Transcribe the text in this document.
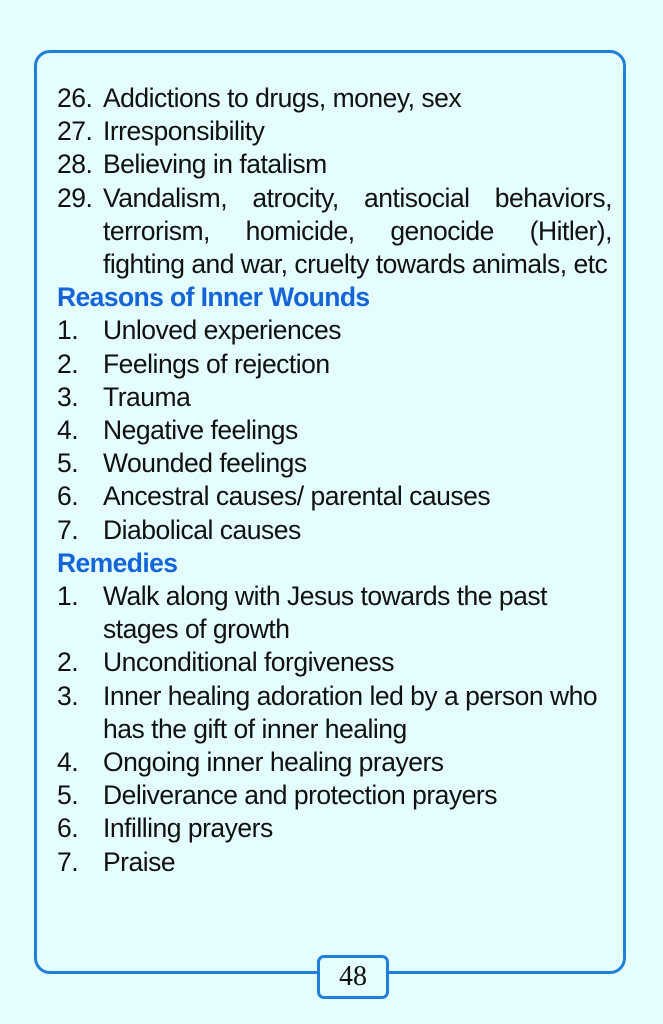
26. Addictions to drugs, money, sex
27. Irresponsibility
28. Believing in fatalism
29. Vandalism, atrocity, antisocial behaviors, terrorism, homicide, genocide (Hitler), fighting and war, cruelty towards animals, etc
Reasons of Inner Wounds
1. Unloved experiences
2. Feelings of rejection
3. Trauma
4. Negative feelings
5. Wounded feelings
6. Ancestral causes/ parental causes
7. Diabolical causes
Remedies
1. Walk along with Jesus towards the past stages of growth
2. Unconditional forgiveness
3. Inner healing adoration led by a person who has the gift of inner healing
4. Ongoing inner healing prayers
5. Deliverance and protection prayers
6. Infilling prayers
7. Praise
48
